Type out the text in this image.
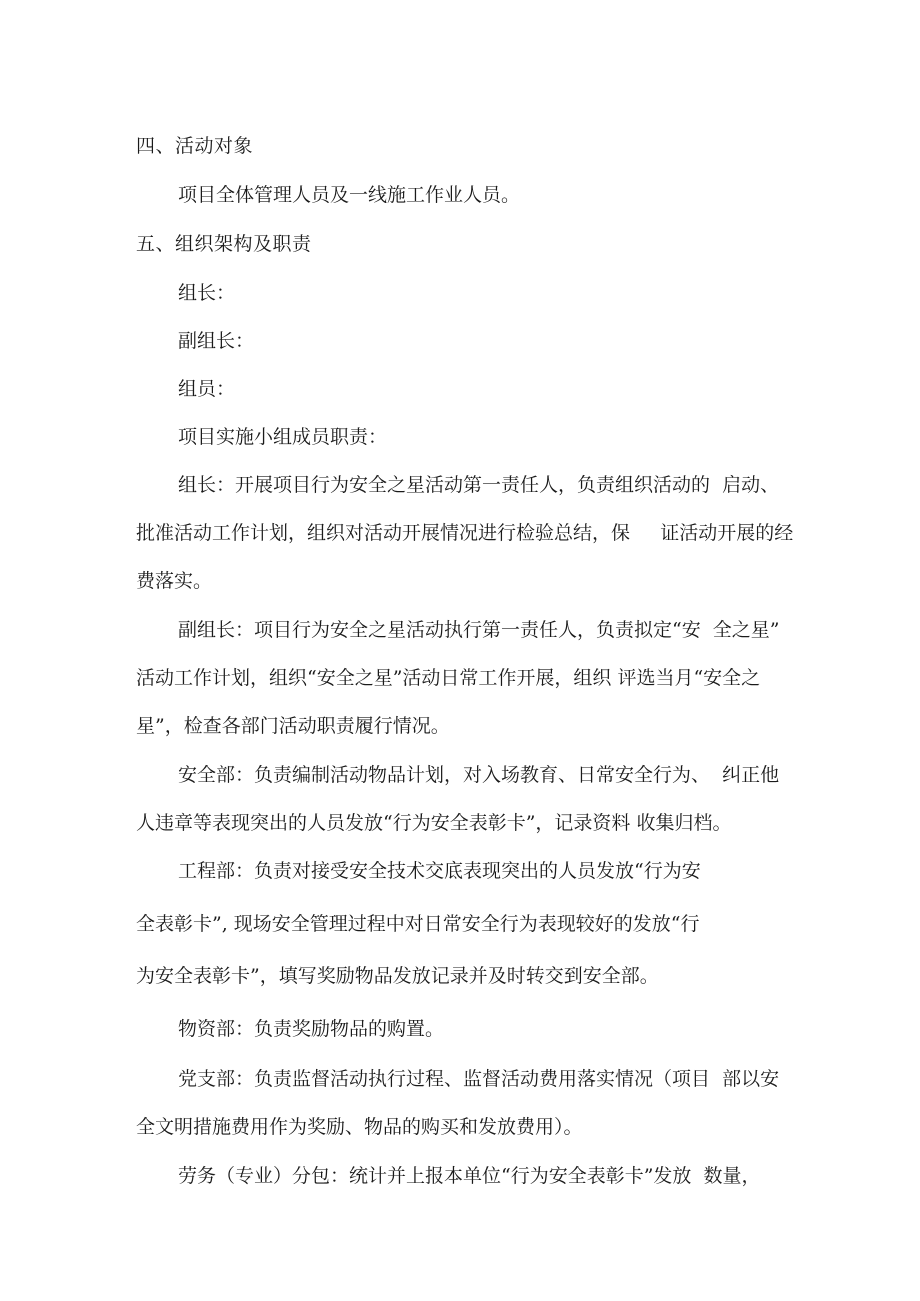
四、活动对象
项目全体管理人员及一线施工作业人员。
五、组织架构及职责
组长：
副组长：
组员：
项目实施小组成员职责：
组长：开展项目行为安全之星活动第一责任人，负责组织活动的  启动、
批准活动工作计划，组织对活动开展情况进行检验总结，保     证活动开展的经
费落实。
副组长：项目行为安全之星活动执行第一责任人，负责拟定“安  全之星”
活动工作计划，组织“安全之星”活动日常工作开展，组织 评选当月“安全之
星”，检查各部门活动职责履行情况。
安全部：负责编制活动物品计划，对入场教育、日常安全行为、  纠正他
人违章等表现突出的人员发放“行为安全表彰卡”，记录资料 收集归档。
工程部：负责对接受安全技术交底表现突出的人员发放“行为安
全表彰卡”, 现场安全管理过程中对日常安全行为表现较好的发放“行
为安全表彰卡”，填写奖励物品发放记录并及时转交到安全部。
物资部：负责奖励物品的购置。
党支部：负责监督活动执行过程、监督活动费用落实情况（项目  部以安
全文明措施费用作为奖励、物品的购买和发放费用）。
劳务（专业）分包：统计并上报本单位“行为安全表彰卡”发放  数量，
